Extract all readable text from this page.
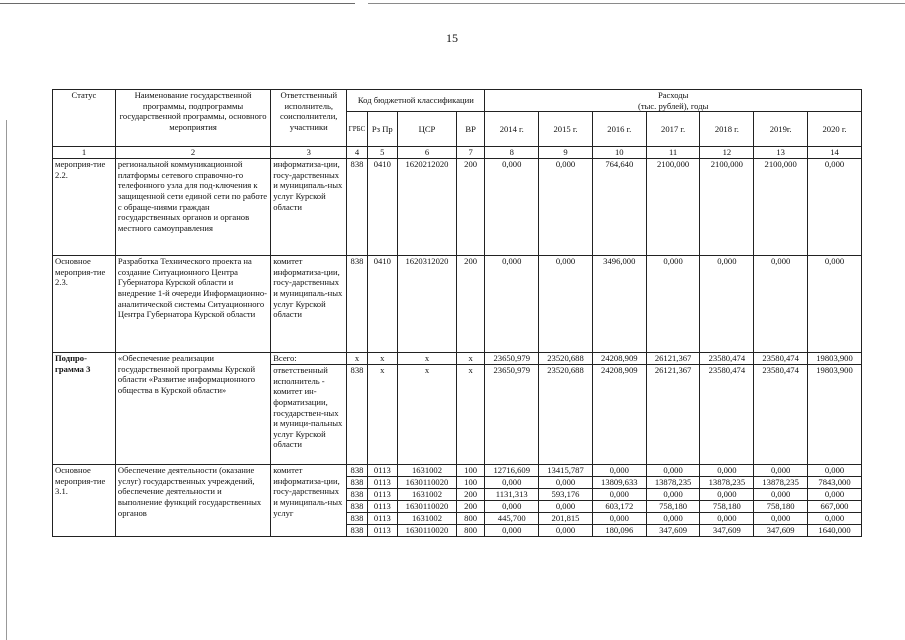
15
Статус	Наименование государственной программы, подпрограммы государственной программы, основного мероприятия	Ответственный исполнитель, соисполнители, участники	Код бюджетной классификации				Расходы
(тыс. рублей), годы						

			ГРБС	Рз Пр	ЦСР	ВР	2014 г.	2015 г.	2016 г.	2017 г.	2018 г.	2019г.	2020 г.
1	2	3	4	5	6	7	8	9	10	11	12	13	14
мероприя-тие 2.2.	региональной коммуникационной платформы сетевого справочно-го телефонного узла для под-ключения к защищенной сети единой сети по работе с обраще-ниями граждан государственных органов и органов местного самоуправления	информатиза-ции, госу-дарственных и муниципаль-ных услуг Курской области	838	0410	1620212020	200	0,000	0,000	764,640	2100,000	2100,000	2100,000	0,000
Основное мероприя-тие 2.3.	Разработка Технического проекта на создание Ситуационного Центра Губернатора Курской области и внедрение 1-й очереди Информационно-аналитической системы Ситуационного Центра Губернатора Курской области	комитет информатиза-ции, госу-дарственных и муниципаль-ных услуг Курской области	838	0410	1620312020	200	0,000	0,000	3496,000	0,000	0,000	0,000	0,000
Подпро-грамма 3	«Обеспечение реализации государственной программы Курской области «Развитие информационного общества в Курской области»	Всего:	x	x	x	x	23650,979	23520,688	24208,909	26121,367	23580,474	23580,474	19803,900
		ответственный исполнитель - комитет ин-форматизации, государствен-ных и муници-пальных услуг Курской области	838	x	x	x	23650,979	23520,688	24208,909	26121,367	23580,474	23580,474	19803,900
Основное мероприя-тие 3.1.	Обеспечение деятельности (оказание услуг) государственных учреждений, обеспечение деятельности и выполнение функций государственных органов	комитет информатиза-ции, госу-дарственных и муниципаль-ных услуг	838	0113	1631002	100	12716,609	13415,787	0,000	0,000	0,000	0,000	0,000
			838	0113	1630110020	100	0,000	0,000	13809,633	13878,235	13878,235	13878,235	7843,000
			838	0113	1631002	200	1131,313	593,176	0,000	0,000	0,000	0,000	0,000
			838	0113	1630110020	200	0,000	0,000	603,172	758,180	758,180	758,180	667,000
			838	0113	1631002	800	445,700	201,815	0,000	0,000	0,000	0,000	0,000
			838	0113	1630110020	800	0,000	0,000	180,096	347,609	347,609	347,609	1640,000
